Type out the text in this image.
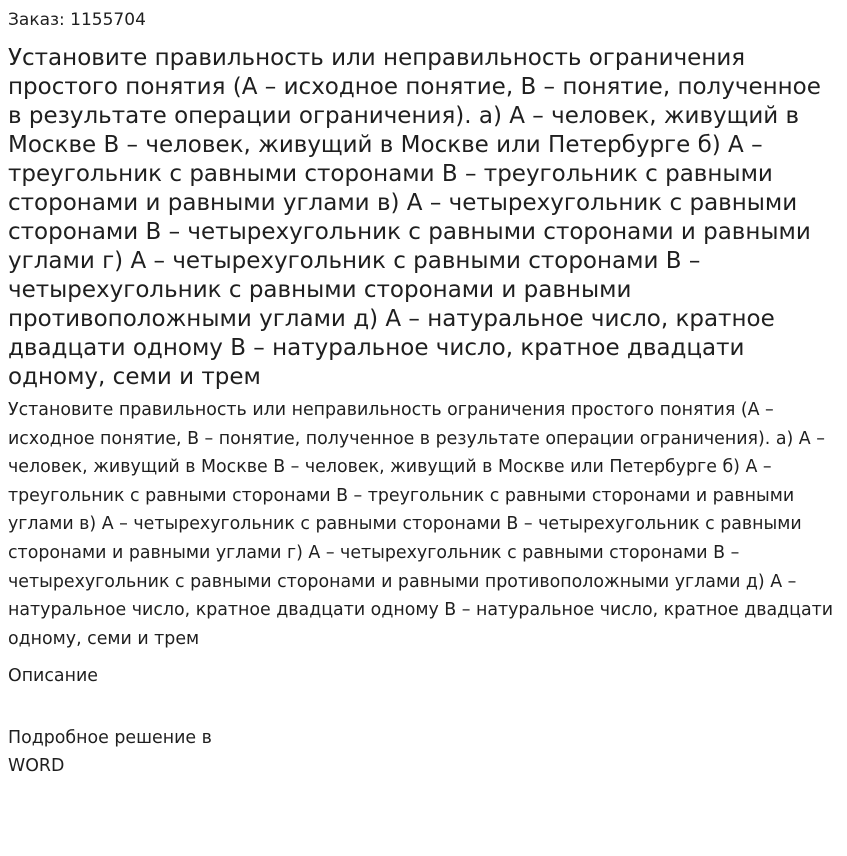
Заказ: 1155704
Установите правильность или неправильность ограничения простого понятия (А – исходное понятие, В – понятие, полученное в результате операции ограничения). а) А – человек, живущий в Москве В – человек, живущий в Москве или Петербурге б) А – треугольник с равными сторонами В – треугольник с равными сторонами и равными углами в) А – четырехугольник с равными сторонами В – четырехугольник с равными сторонами и равными углами г) А – четырехугольник с равными сторонами В – четырехугольник с равными сторонами и равными противоположными углами д) А – натуральное число, кратное двадцати одному В – натуральное число, кратное двадцати одному, семи и трем

Установите правильность или неправильность ограничения простого понятия (А – исходное понятие, В – понятие, полученное в результате операции ограничения). а) А – человек, живущий в Москве В – человек, живущий в Москве или Петербурге б) А – треугольник с равными сторонами В – треугольник с равными сторонами и равными углами в) А – четырехугольник с равными сторонами В – четырехугольник с равными сторонами и равными углами г) А – четырехугольник с равными сторонами В – четырехугольник с равными сторонами и равными противоположными углами д) А – натуральное число, кратное двадцати одному В – натуральное число, кратное двадцати одному, семи и трем

Описание
Подробное решение в WORD
